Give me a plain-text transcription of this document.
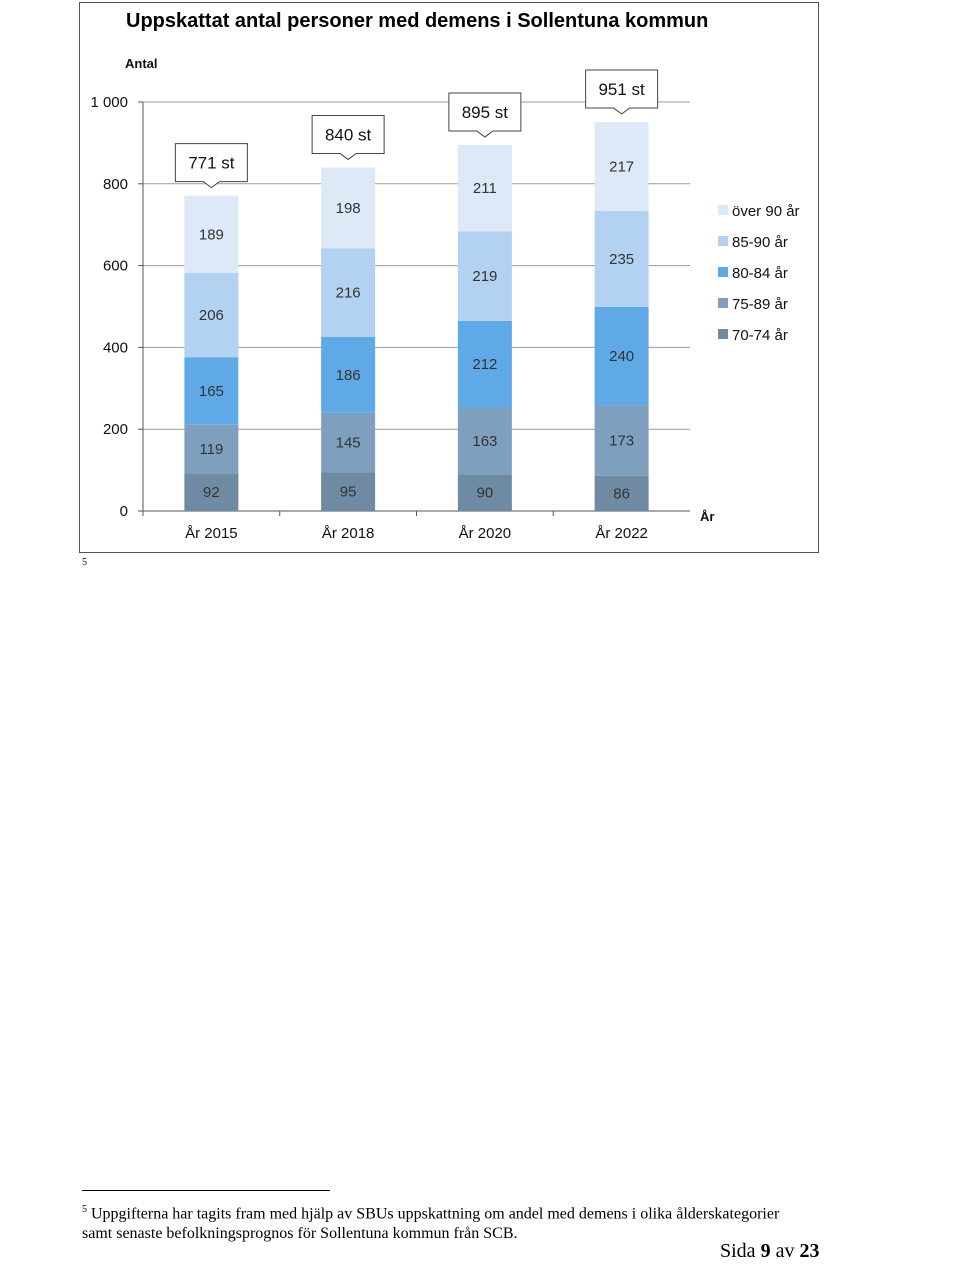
Uppskattat antal personer med demens i Sollentuna kommun
0
200
400
600
800
1 000
Antal
År
92
119
165
206
189
771 st
År 2015
95
145
186
216
198
840 st
År 2018
90
163
212
219
211
895 st
År 2020
86
173
240
235
217
951 st
År 2022
över 90 år
85-90 år
80-84 år
75-89 år
70-74 år
5
$^5$ Uppgifterna har tagits fram med hjälp av SBUs uppskattning om andel med demens i olika ålderskategorier samt senaste befolkningsprognos för Sollentuna kommun från SCB.
Sida 9 av 23
